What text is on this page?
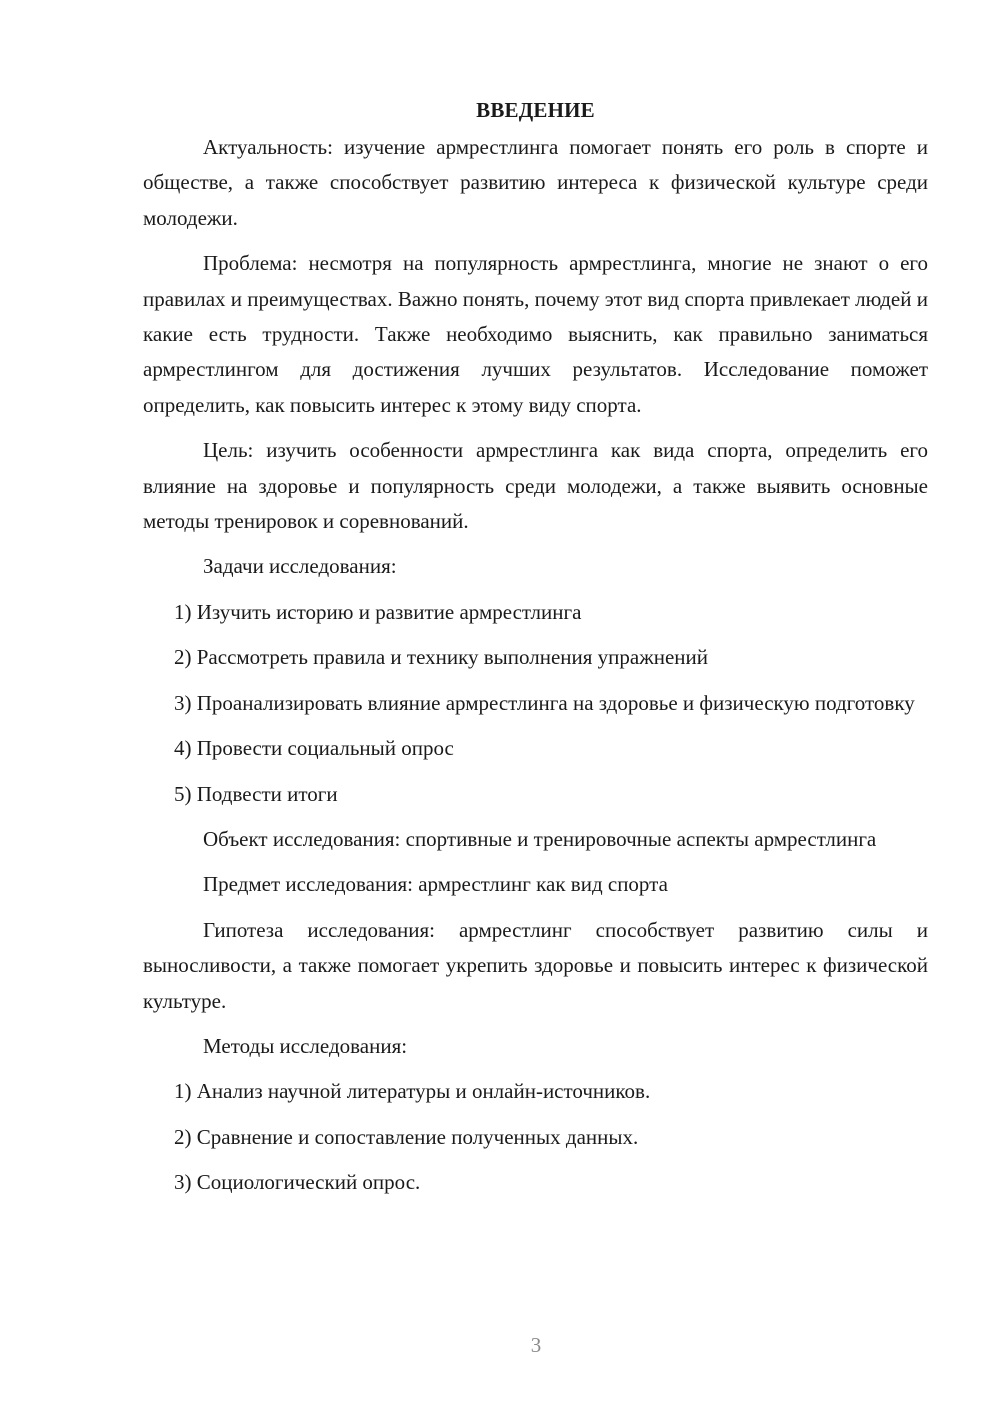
ВВЕДЕНИЕ

Актуальность: изучение армрестлинга помогает понять его роль в спорте и обществе, а также способствует развитию интереса к физической культуре среди молодежи.

Проблема: несмотря на популярность армрестлинга, многие не знают о его правилах и преимуществах. Важно понять, почему этот вид спорта привлекает людей и какие есть трудности. Также необходимо выяснить, как правильно заниматься армрестлингом для достижения лучших результатов. Исследование поможет определить, как повысить интерес к этому виду спорта.

Цель: изучить особенности армрестлинга как вида спорта, определить его влияние на здоровье и популярность среди молодежи, а также выявить основные методы тренировок и соревнований.

Задачи исследования:

1) Изучить историю и развитие армрестлинга

2) Рассмотреть правила и технику выполнения упражнений

3) Проанализировать влияние армрестлинга на здоровье и физическую подготовку

4) Провести социальный опрос

5) Подвести итоги

Объект исследования: спортивные и тренировочные аспекты армрестлинга

Предмет исследования: армрестлинг как вид спорта

Гипотеза исследования: армрестлинг способствует развитию силы и выносливости, а также помогает укрепить здоровье и повысить интерес к физической культуре.

Методы исследования:

1) Анализ научной литературы и онлайн-источников.

2) Сравнение и сопоставление полученных данных.

3) Социологический опрос.

3
